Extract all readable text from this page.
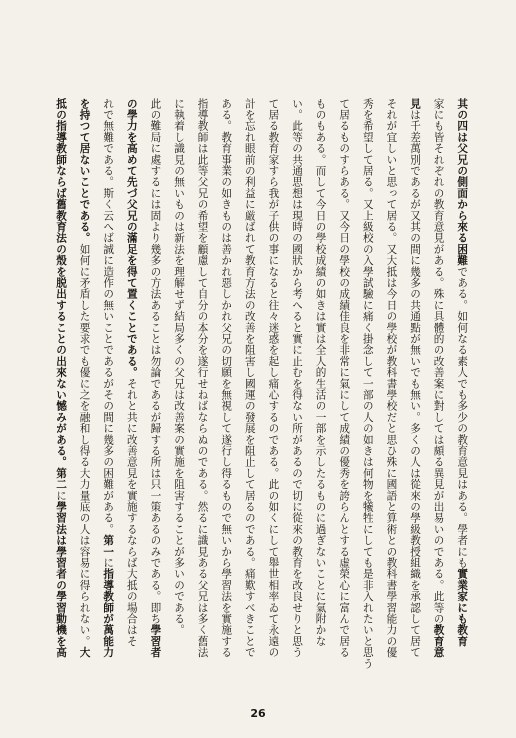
其の四は父兄の側面から來る困難である。如何なる素人でも多少の教育意見はある。學者にも實業家にも教育
家にも皆それぞれの教育意見がある。殊に具體的の改善案に對しては頗る異見が出易いのである。此等の教育意
見は千差萬別であるが又其の間に幾多の共通點が無いでも無い。多くの人は從來の學級教授組織を承認して居て
それが宜しいと思って居る。又大抵は今日の學校が教科書學校だと思ひ殊に國語と算術との教科書學習能力の優
秀を希望して居る。又上級校の入學試驗に痛く掛念して一部の人の如きは何物を犧牲にしても是非入れたいと思う
て居るものすらある。又今日の學校の成績佳良を非常に氣にして成績の優秀を誇らんとする虛榮心に富んで居る
ものもある。而して今日の學校成績の如きは實は全人的生活の一部を示したるものに過ぎないことに氣附かな
い。此等の共通思想は現時の國狀から考へると實に止むを得ない所があるので切に從來の教育を改良せりと思う
て居る教育家すら我が子供の事になると往々迷惑を起し痛心するのである。此の如くにして舉世相率ゐて永遠の
計を忘れ眼前の利益に厳ばれて教育方法の改善を阻害し國運の發展を阻止して居るのである。痛歎すべきことで
ある。教育事業の如きものは善かれ惡しかれ父兄の切願を無視して遂行し得るもので無いから學習法を實施する
指導教師は此等父兄の希望を顧慮して自分の本分を遂行せねばならぬのである。然るに識見ある父兄は多く舊法
に執着し識見の無いものは新法を理解せず結局多くの父兄は改善案の實施を阻害することが多いのである。
此の難局に處するには固より幾多の方法あることは勿論であるが歸する所は只一策あるのみである。即ち學習者
の學力を高めて先づ父兄の滿足を得て置くことである。それと共に改善意見を實施するならば大抵の場合はそ
れで無難である。斯く云へば誠に造作の無いことであるがその間に幾多の困難がある。第一に指導教師が萬能力
を持つて居ないことである。如何に矛盾した要求でも優に之を融和し得る大力量底の人は容易に得られない。大
抵の指導教師ならば舊教育法の殼を脱出することの出來ない憾みがある。第二に學習法は學習者の學習動機を高
26
